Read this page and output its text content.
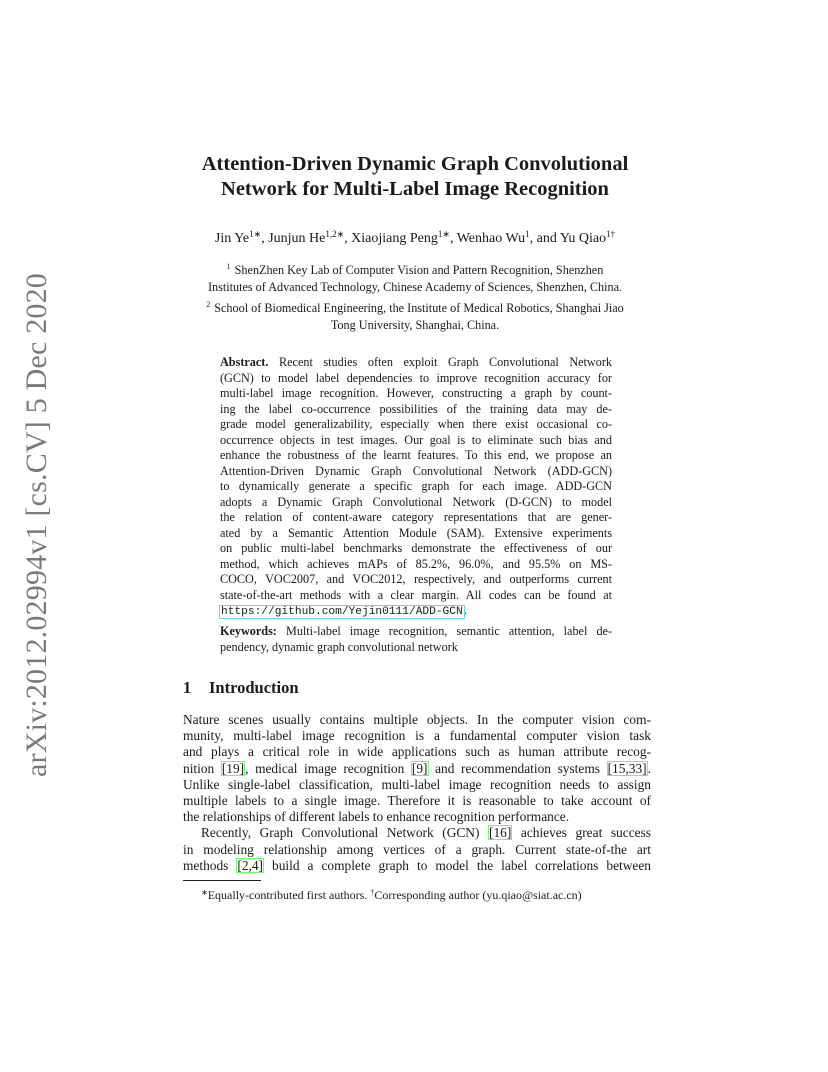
arXiv:2012.02994v1 [cs.CV] 5 Dec 2020
Attention-Driven Dynamic Graph Convolutional
Network for Multi-Label Image Recognition
Jin $Ye^{1∗}$, Junjun $He^{1,2∗}$, Xiaojiang Peng$^{1∗}$, Wenhao Wu$^1$, and Yu Qiao$^{1\dagger}$
$^1$ ShenZhen Key Lab of Computer Vision and Pattern Recognition, Shenzhen
Institutes of Advanced Technology, Chinese Academy of Sciences, Shenzhen, China.
$^2$ School of Biomedical Engineering, the Institute of Medical Robotics, Shanghai Jiao
Tong University, Shanghai, China.
Abstract. Recent studies often exploit Graph Convolutional Network
(GCN) to model label dependencies to improve recognition accuracy for
multi-label image recognition. However, constructing a graph by count-
ing the label co-occurrence possibilities of the training data may de-
grade model generalizability, especially when there exist occasional co-
occurrence objects in test images. Our goal is to eliminate such bias and
enhance the robustness of the learnt features. To this end, we propose an
Attention-Driven Dynamic Graph Convolutional Network (ADD-GCN)
to dynamically generate a specific graph for each image. ADD-GCN
adopts a Dynamic Graph Convolutional Network (D-GCN) to model
the relation of content-aware category representations that are gener-
ated by a Semantic Attention Module (SAM). Extensive experiments
on public multi-label benchmarks demonstrate the effectiveness of our
method, which achieves mAPs of 85.2%, 96.0%, and 95.5% on MS-
COCO, VOC2007, and VOC2012, respectively, and outperforms current
state-of-the-art methods with a clear margin. All codes can be found at
https://github.com/Yejin0111/ADD-GCN.
Keywords: Multi-label image recognition, semantic attention, label de-
pendency, dynamic graph convolutional network
1 Introduction
Nature scenes usually contains multiple objects. In the computer vision com-
munity, multi-label image recognition is a fundamental computer vision task
and plays a critical role in wide applications such as human attribute recog-
nition [19], medical image recognition [9] and recommendation systems [15,33].
Unlike single-label classification, multi-label image recognition needs to assign
multiple labels to a single image. Therefore it is reasonable to take account of
the relationships of different labels to enhance recognition performance.
Recently, Graph Convolutional Network (GCN) [16] achieves great success
in modeling relationship among vertices of a graph. Current state-of-the art
methods [2,4] build a complete graph to model the label correlations between
∗Equally-contributed first authors. †Corresponding author (yu.qiao@siat.ac.cn)
